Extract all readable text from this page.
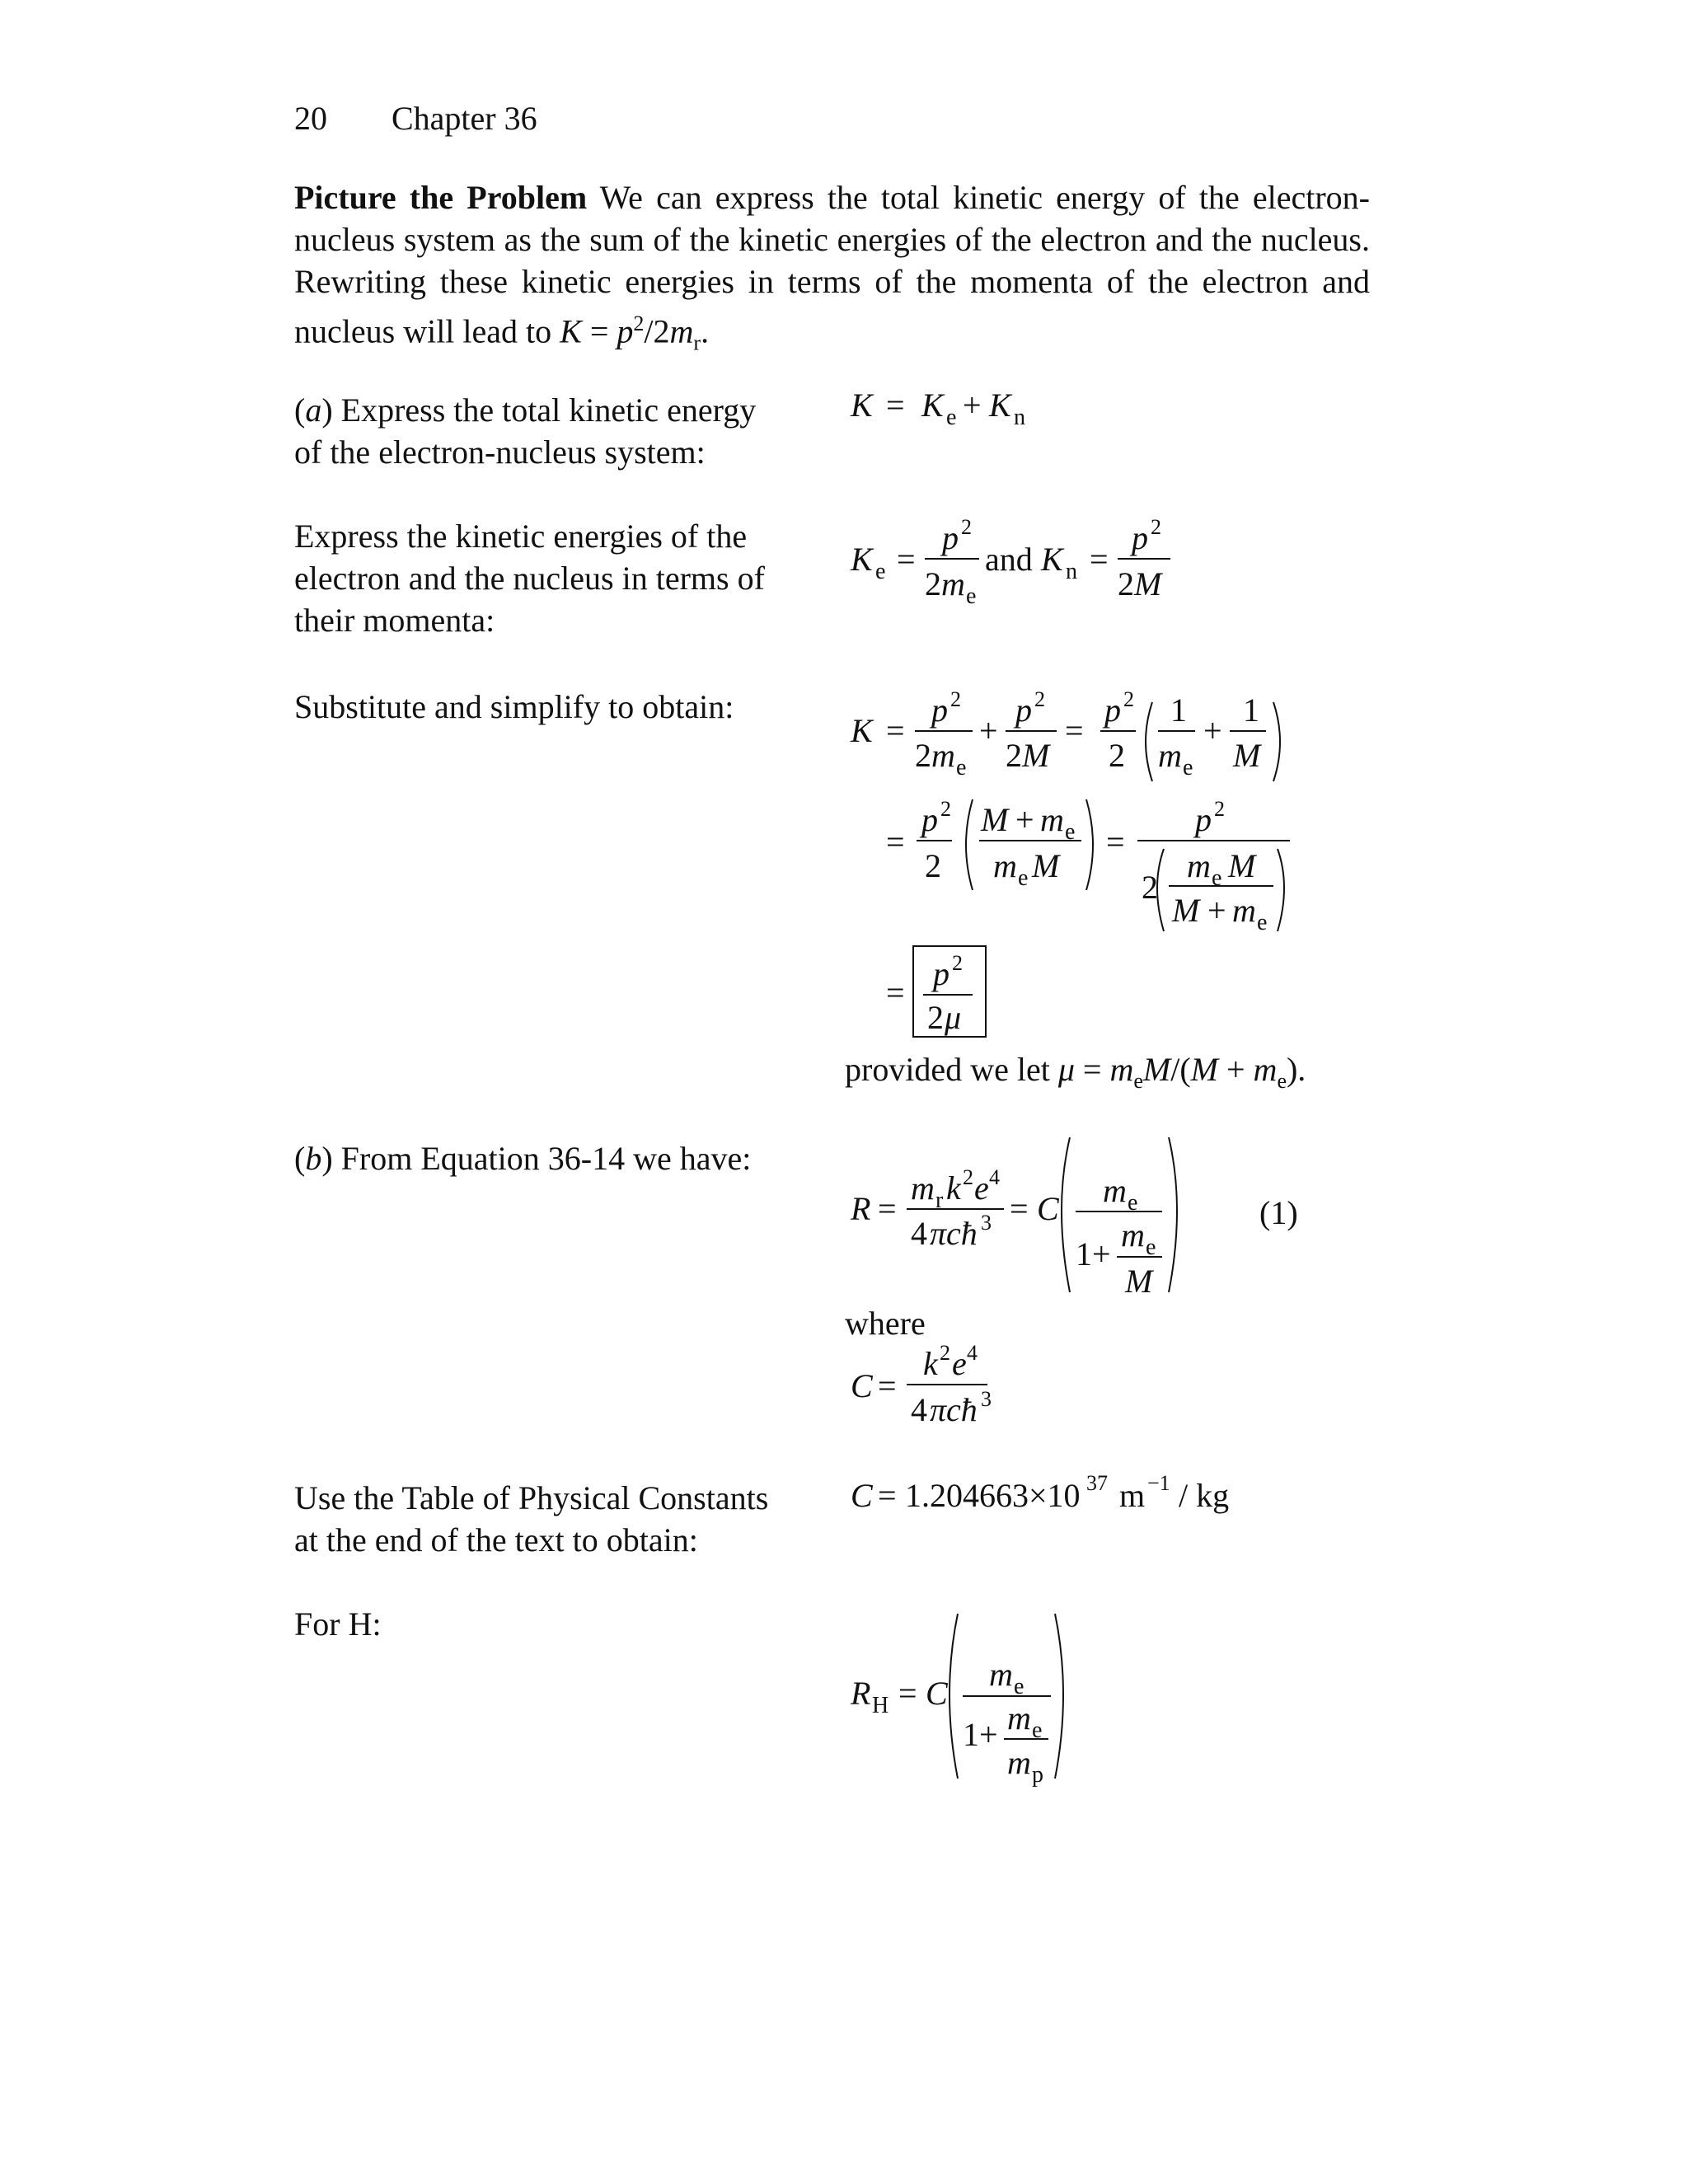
20 Chapter 36
Picture the Problem We can express the total kinetic energy of the electron-nucleus system as the sum of the kinetic energies of the electron and the nucleus. Rewriting these kinetic energies in terms of the momenta of the electron and nucleus will lead to $K = p^2/2m_r$.
(a) Express the total kinetic energy of the electron-nucleus system:
Express the kinetic energies of the electron and the nucleus in terms of their momenta:
Substitute and simplify to obtain:
(b) From Equation 36-14 we have:
Use the Table of Physical Constants at the end of the text to obtain:
For H:
provided we let $\mu = m_eM/(M + m_e)$.
where
(1)
K = K e + K n
K e =
p 2
2 m e
and K n =
p 2
2 M
K =
p 2
2 m e
+
p 2
2 M
=
p 2
2
1
m e
+
1
M
=
p 2
2
M + m e
m e M
=
p 2
2
m e M
M + m e
=
p 2
2 μ
R =
m r k 2 e 4
4 πcħ 3 = C m e
1+
m e
M
C =
k 2 e 4
4 πcħ 3
C = 1.204663×10 37 m −1 / kg
R H = C
m e
1+ m e
m p
